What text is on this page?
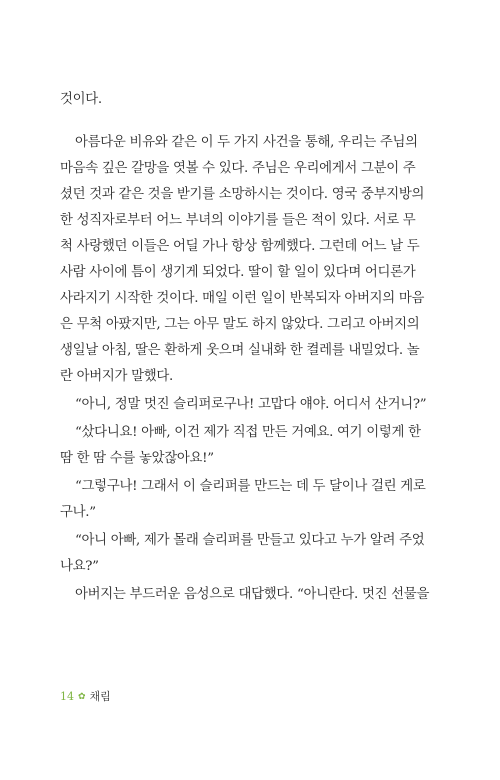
것이다.
아름다운 비유와 같은 이 두 가지 사건을 통해, 우리는 주님의
마음속 깊은 갈망을 엿볼 수 있다. 주님은 우리에게서 그분이 주
셨던 것과 같은 것을 받기를 소망하시는 것이다. 영국 중부지방의
한 성직자로부터 어느 부녀의 이야기를 들은 적이 있다. 서로 무
척 사랑했던 이들은 어딜 가나 항상 함께했다. 그런데 어느 날 두
사람 사이에 틈이 생기게 되었다. 딸이 할 일이 있다며 어디론가
사라지기 시작한 것이다. 매일 이런 일이 반복되자 아버지의 마음
은 무척 아팠지만, 그는 아무 말도 하지 않았다. 그리고 아버지의
생일날 아침, 딸은 환하게 웃으며 실내화 한 켤레를 내밀었다. 놀
란 아버지가 말했다.
“아니, 정말 멋진 슬리퍼로구나! 고맙다 얘야. 어디서 산거니?”
“샀다니요! 아빠, 이건 제가 직접 만든 거예요. 여기 이렇게 한
땀 한 땀 수를 놓았잖아요!”
“그렇구나! 그래서 이 슬리퍼를 만드는 데 두 달이나 걸린 게로
구나.”
“아니 아빠, 제가 몰래 슬리퍼를 만들고 있다고 누가 알려 주었
나요?”
아버지는 부드러운 음성으로 대답했다. “아니란다. 멋진 선물을
14 ✿ 채림
